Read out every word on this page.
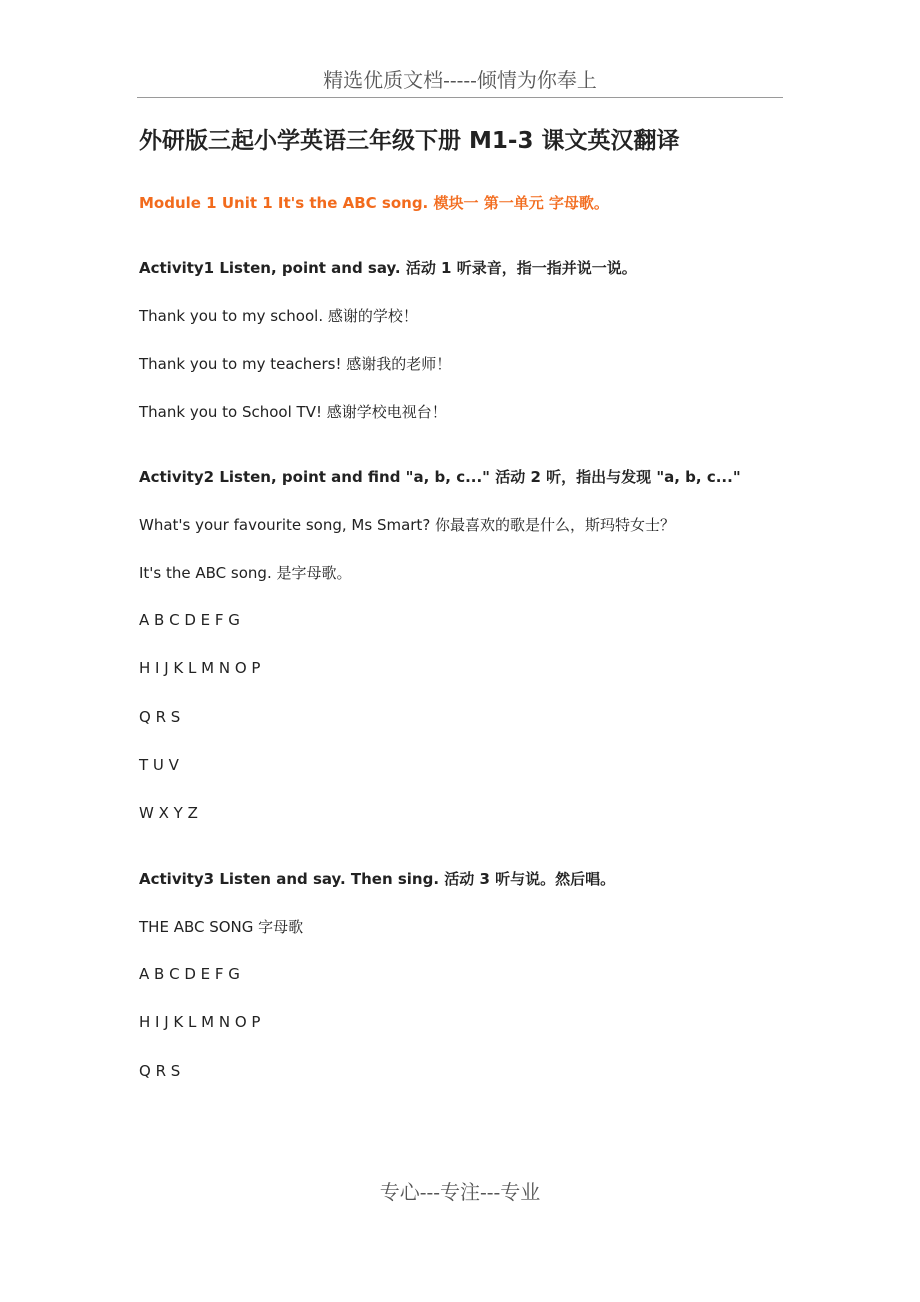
精选优质文档-----倾情为你奉上
外研版三起小学英语三年级下册 M1-3 课文英汉翻译
Module 1 Unit 1 It's the ABC song. 模块一 第一单元 字母歌。
Activity1 Listen, point and say. 活动 1 听录音，指一指并说一说。
Thank you to my school. 感谢的学校！
Thank you to my teachers! 感谢我的老师！
Thank you to School TV! 感谢学校电视台！
Activity2 Listen, point and find "a, b, c..." 活动 2 听，指出与发现 "a, b, c..."
What's your favourite song, Ms Smart? 你最喜欢的歌是什么，斯玛特女士？
It's the ABC song. 是字母歌。
A B C D E F G
H I J K L M N O P
Q R S
T U V
W X Y Z
Activity3 Listen and say. Then sing. 活动 3 听与说。然后唱。
THE ABC SONG 字母歌
A B C D E F G
H I J K L M N O P
Q R S
专心---专注---专业
